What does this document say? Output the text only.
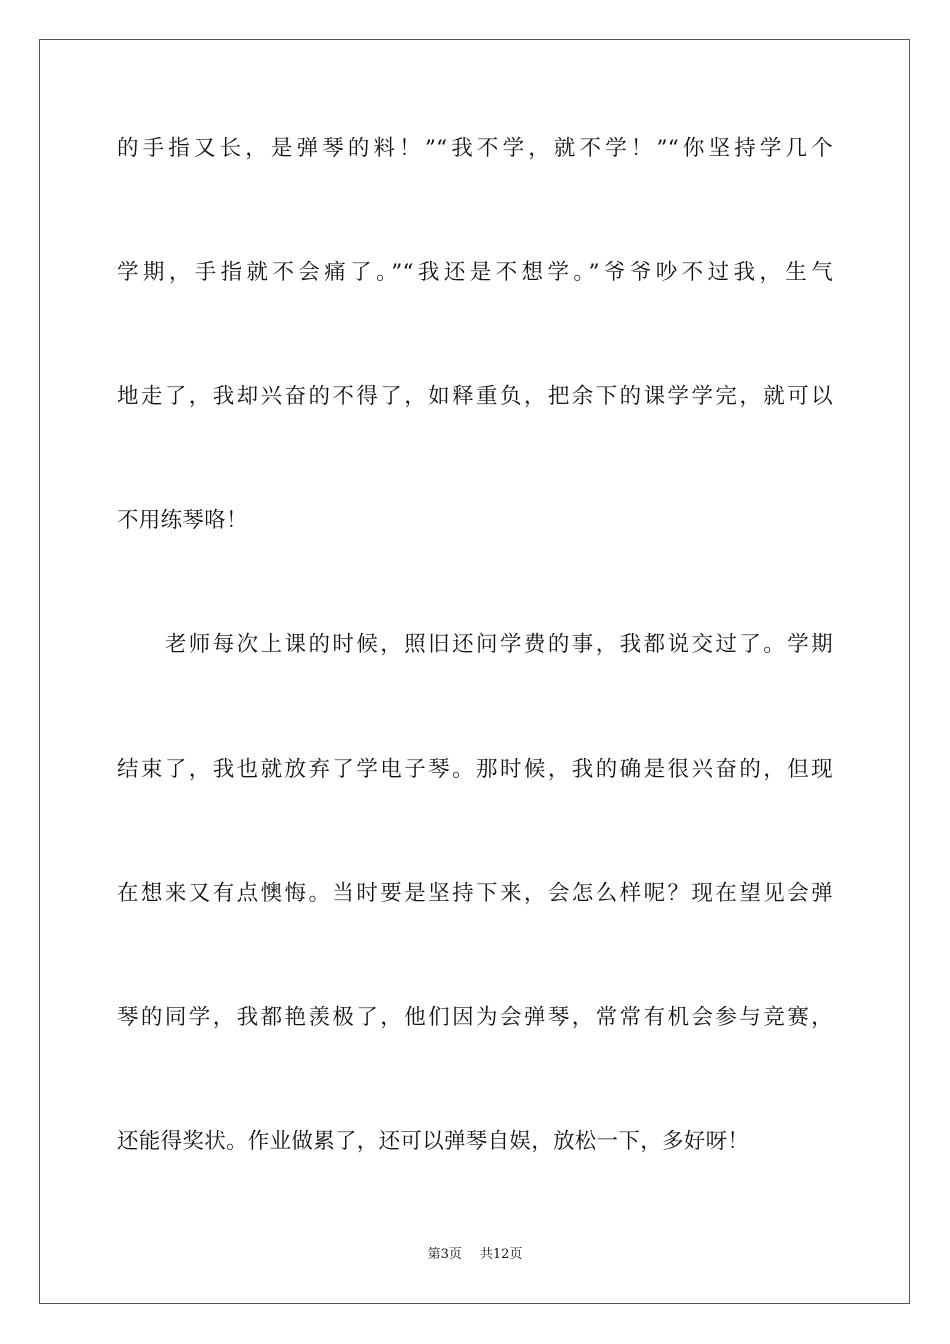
的手指又长，是弹琴的料！”“我不学，就不学！”“你坚持学几个
学期，手指就不会痛了。”“我还是不想学。”爷爷吵不过我，生气
地走了，我却兴奋的不得了，如释重负，把余下的课学学完，就可以
不用练琴咯！
　　老师每次上课的时候，照旧还问学费的事，我都说交过了。学期
结束了，我也就放弃了学电子琴。那时候，我的确是很兴奋的，但现
在想来又有点懊悔。当时要是坚持下来，会怎么样呢？现在望见会弹
琴的同学，我都艳羡极了，他们因为会弹琴，常常有机会参与竞赛，
还能得奖状。作业做累了，还可以弹琴自娱，放松一下，多好呀！
第3页 共12页
